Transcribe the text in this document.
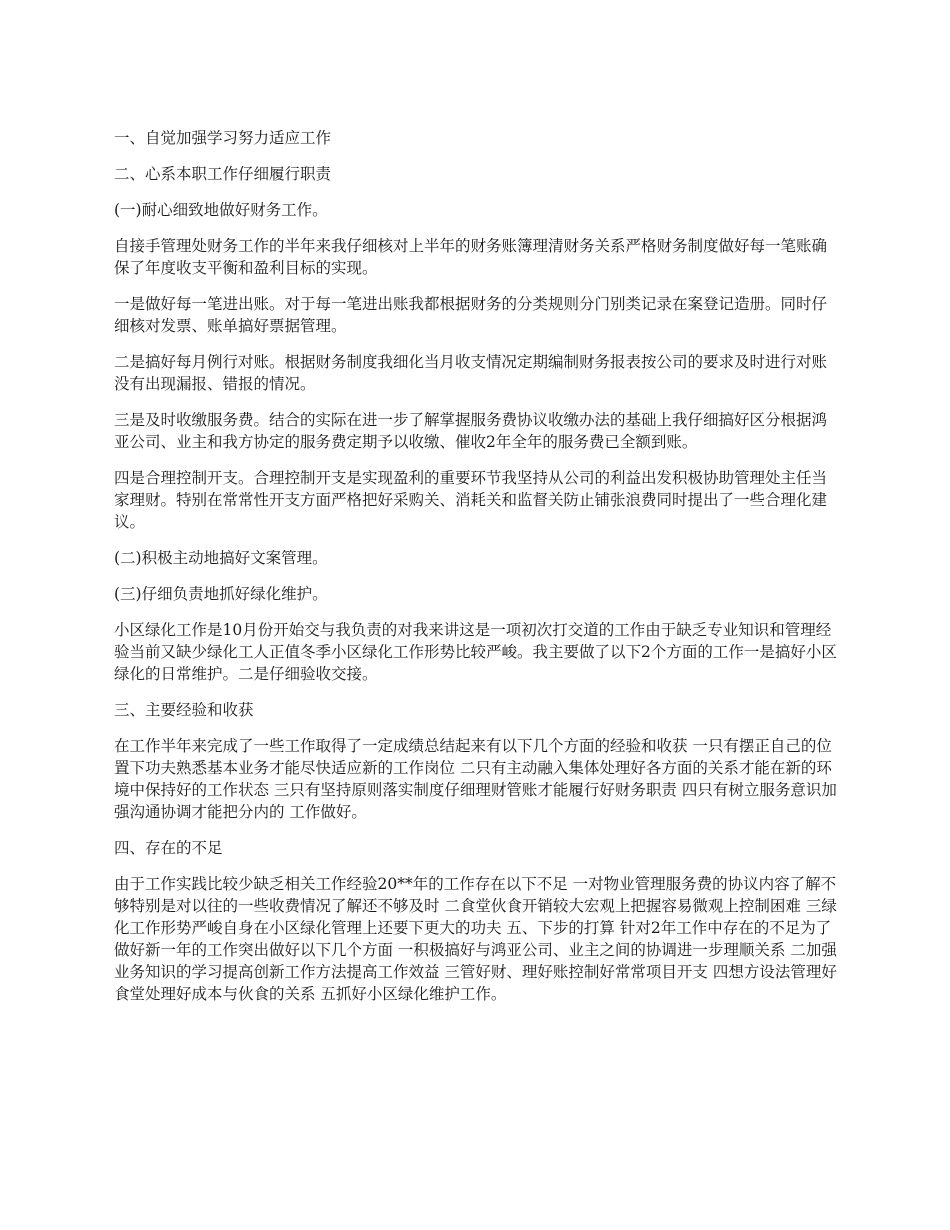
一、自觉加强学习努力适应工作

二、心系本职工作仔细履行职责

(一)耐心细致地做好财务工作。

自接手管理处财务工作的半年来我仔细核对上半年的财务账簿理清财务关系严格财务制度做好每一笔账确保了年度收支平衡和盈利目标的实现。

一是做好每一笔进出账。对于每一笔进出账我都根据财务的分类规则分门别类记录在案登记造册。同时仔细核对发票、账单搞好票据管理。

二是搞好每月例行对账。根据财务制度我细化当月收支情况定期编制财务报表按公司的要求及时进行对账没有出现漏报、错报的情况。

三是及时收缴服务费。结合的实际在进一步了解掌握服务费协议收缴办法的基础上我仔细搞好区分根据鸿亚公司、业主和我方协定的服务费定期予以收缴、催收2年全年的服务费已全额到账。

四是合理控制开支。合理控制开支是实现盈利的重要环节我坚持从公司的利益出发积极协助管理处主任当家理财。特别在常常性开支方面严格把好采购关、消耗关和监督关防止铺张浪费同时提出了一些合理化建议。

(二)积极主动地搞好文案管理。

(三)仔细负责地抓好绿化维护。

小区绿化工作是10月份开始交与我负责的对我来讲这是一项初次打交道的工作由于缺乏专业知识和管理经验当前又缺少绿化工人正值冬季小区绿化工作形势比较严峻。我主要做了以下2个方面的工作一是搞好小区绿化的日常维护。二是仔细验收交接。

三、主要经验和收获

在工作半年来完成了一些工作取得了一定成绩总结起来有以下几个方面的经验和收获 一只有摆正自己的位置下功夫熟悉基本业务才能尽快适应新的工作岗位 二只有主动融入集体处理好各方面的关系才能在新的环境中保持好的工作状态 三只有坚持原则落实制度仔细理财管账才能履行好财务职责 四只有树立服务意识加强沟通协调才能把分内的 工作做好。

四、存在的不足

由于工作实践比较少缺乏相关工作经验20**年的工作存在以下不足 一对物业管理服务费的协议内容了解不够特别是对以往的一些收费情况了解还不够及时 二食堂伙食开销较大宏观上把握容易微观上控制困难 三绿化工作形势严峻自身在小区绿化管理上还要下更大的功夫 五、下步的打算 针对2年工作中存在的不足为了做好新一年的工作突出做好以下几个方面 一积极搞好与鸿亚公司、业主之间的协调进一步理顺关系 二加强业务知识的学习提高创新工作方法提高工作效益 三管好财、理好账控制好常常项目开支 四想方设法管理好食堂处理好成本与伙食的关系 五抓好小区绿化维护工作。
